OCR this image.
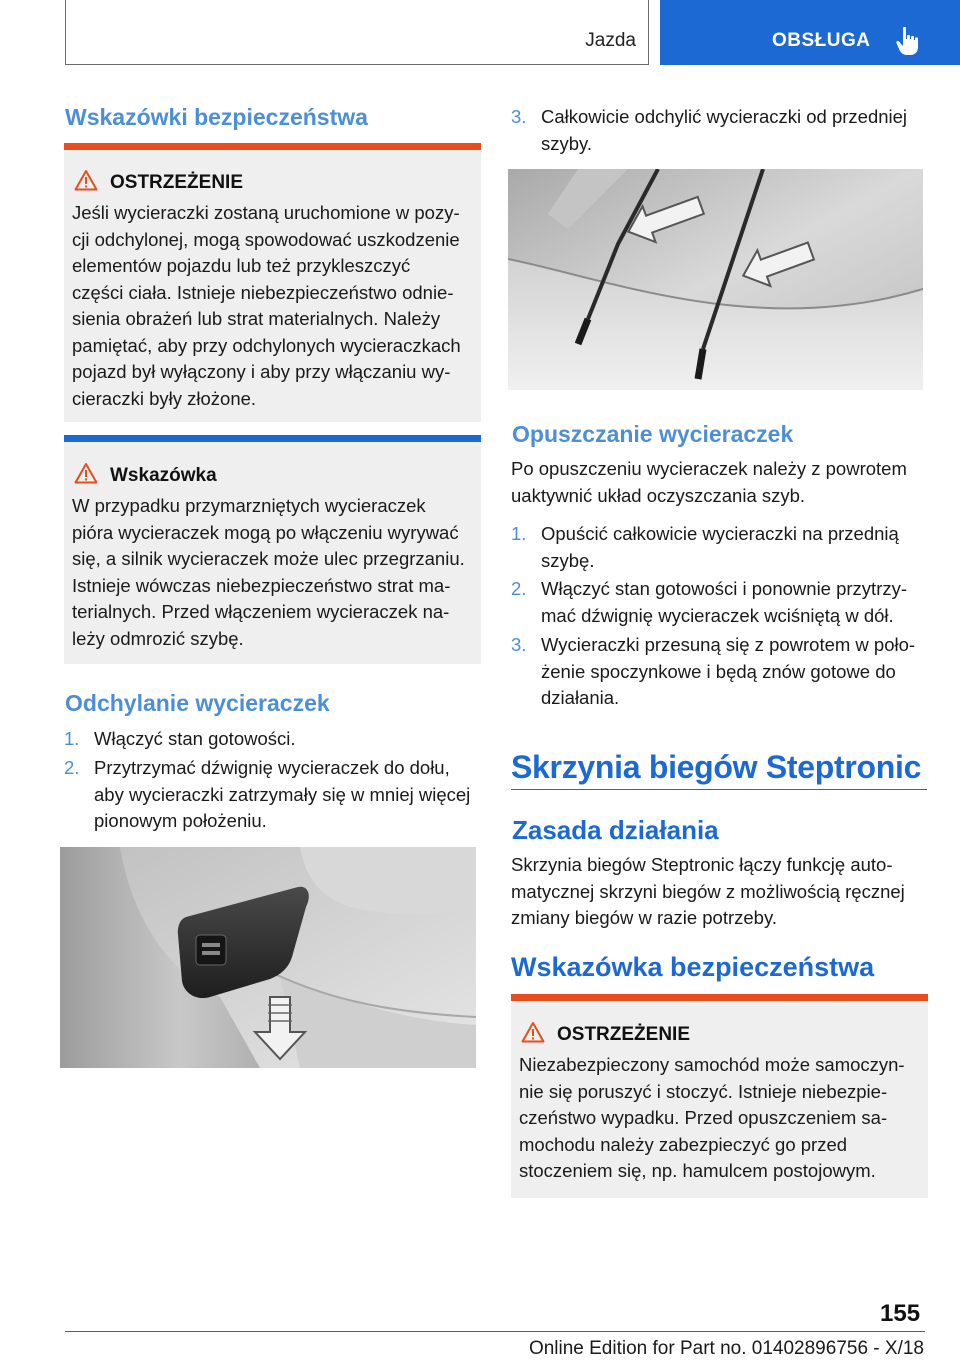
Jazda	OBSŁUGA
Wskazówki bezpieczeństwa
OSTRZEŻENIE
Jeśli wycieraczki zostaną uruchomione w pozy-
cji odchylonej, mogą spowodować uszkodzenie
elementów pojazdu lub też przykleszczyć
części ciała. Istnieje niebezpieczeństwo odnie-
sienia obrażeń lub strat materialnych. Należy
pamiętać, aby przy odchylonych wycieraczkach
pojazd był wyłączony i aby przy włączaniu wy-
cieraczki były złożone.
Wskazówka
W przypadku przymarzniętych wycieraczek
pióra wycieraczek mogą po włączeniu wyrywać
się, a silnik wycieraczek może ulec przegrzaniu.
Istnieje wówczas niebezpieczeństwo strat ma-
terialnych. Przed włączeniem wycieraczek na-
leży odmrozić szybę.
Odchylanie wycieraczek
1. Włączyć stan gotowości.
2. Przytrzymać dźwignię wycieraczek do dołu,
aby wycieraczki zatrzymały się w mniej więcej
pionowym położeniu.
3. Całkowicie odchylić wycieraczki od przedniej
szyby.
Opuszczanie wycieraczek
Po opuszczeniu wycieraczek należy z powrotem
uaktywnić układ oczyszczania szyb.
1. Opuścić całkowicie wycieraczki na przednią
szybę.
2. Włączyć stan gotowości i ponownie przytrzy-
mać dźwignię wycieraczek wciśniętą w dół.
3. Wycieraczki przesuną się z powrotem w poło-
żenie spoczynkowe i będą znów gotowe do
działania.
Skrzynia biegów Steptronic
Zasada działania
Skrzynia biegów Steptronic łączy funkcję auto-
matycznej skrzyni biegów z możliwością ręcznej
zmiany biegów w razie potrzeby.
Wskazówka bezpieczeństwa
OSTRZEŻENIE
Niezabezpieczony samochód może samoczyn-
nie się poruszyć i stoczyć. Istnieje niebezpie-
czeństwo wypadku. Przed opuszczeniem sa-
mochodu należy zabezpieczyć go przed
stoczeniem się, np. hamulcem postojowym.
155
Online Edition for Part no. 01402896756 - X/18
